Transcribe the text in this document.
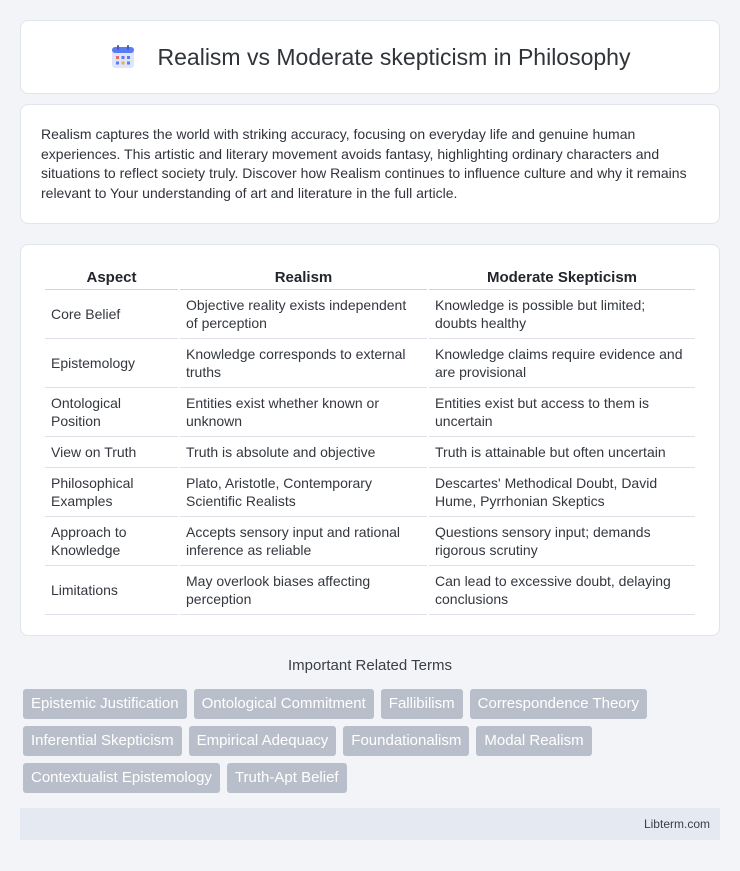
Realism vs Moderate skepticism in Philosophy

Realism captures the world with striking accuracy, focusing on everyday life and genuine human experiences. This artistic and literary movement avoids fantasy, highlighting ordinary characters and situations to reflect society truly. Discover how Realism continues to influence culture and why it remains relevant to Your understanding of art and literature in the full article.

Aspect	Realism	Moderate Skepticism
Core Belief	Objective reality exists independent of perception	Knowledge is possible but limited; doubts healthy
Epistemology	Knowledge corresponds to external truths	Knowledge claims require evidence and are provisional
Ontological Position	Entities exist whether known or unknown	Entities exist but access to them is uncertain
View on Truth	Truth is absolute and objective	Truth is attainable but often uncertain
Philosophical Examples	Plato, Aristotle, Contemporary Scientific Realists	Descartes' Methodical Doubt, David Hume, Pyrrhonian Skeptics
Approach to Knowledge	Accepts sensory input and rational inference as reliable	Questions sensory input; demands rigorous scrutiny
Limitations	May overlook biases affecting perception	Can lead to excessive doubt, delaying conclusions
Important Related Terms
Epistemic Justification	Ontological Commitment	Fallibilism	Correspondence Theory
Inferential Skepticism	Empirical Adequacy	Foundationalism	Modal Realism
Contextualist Epistemology	Truth-Apt Belief
Libterm.com
